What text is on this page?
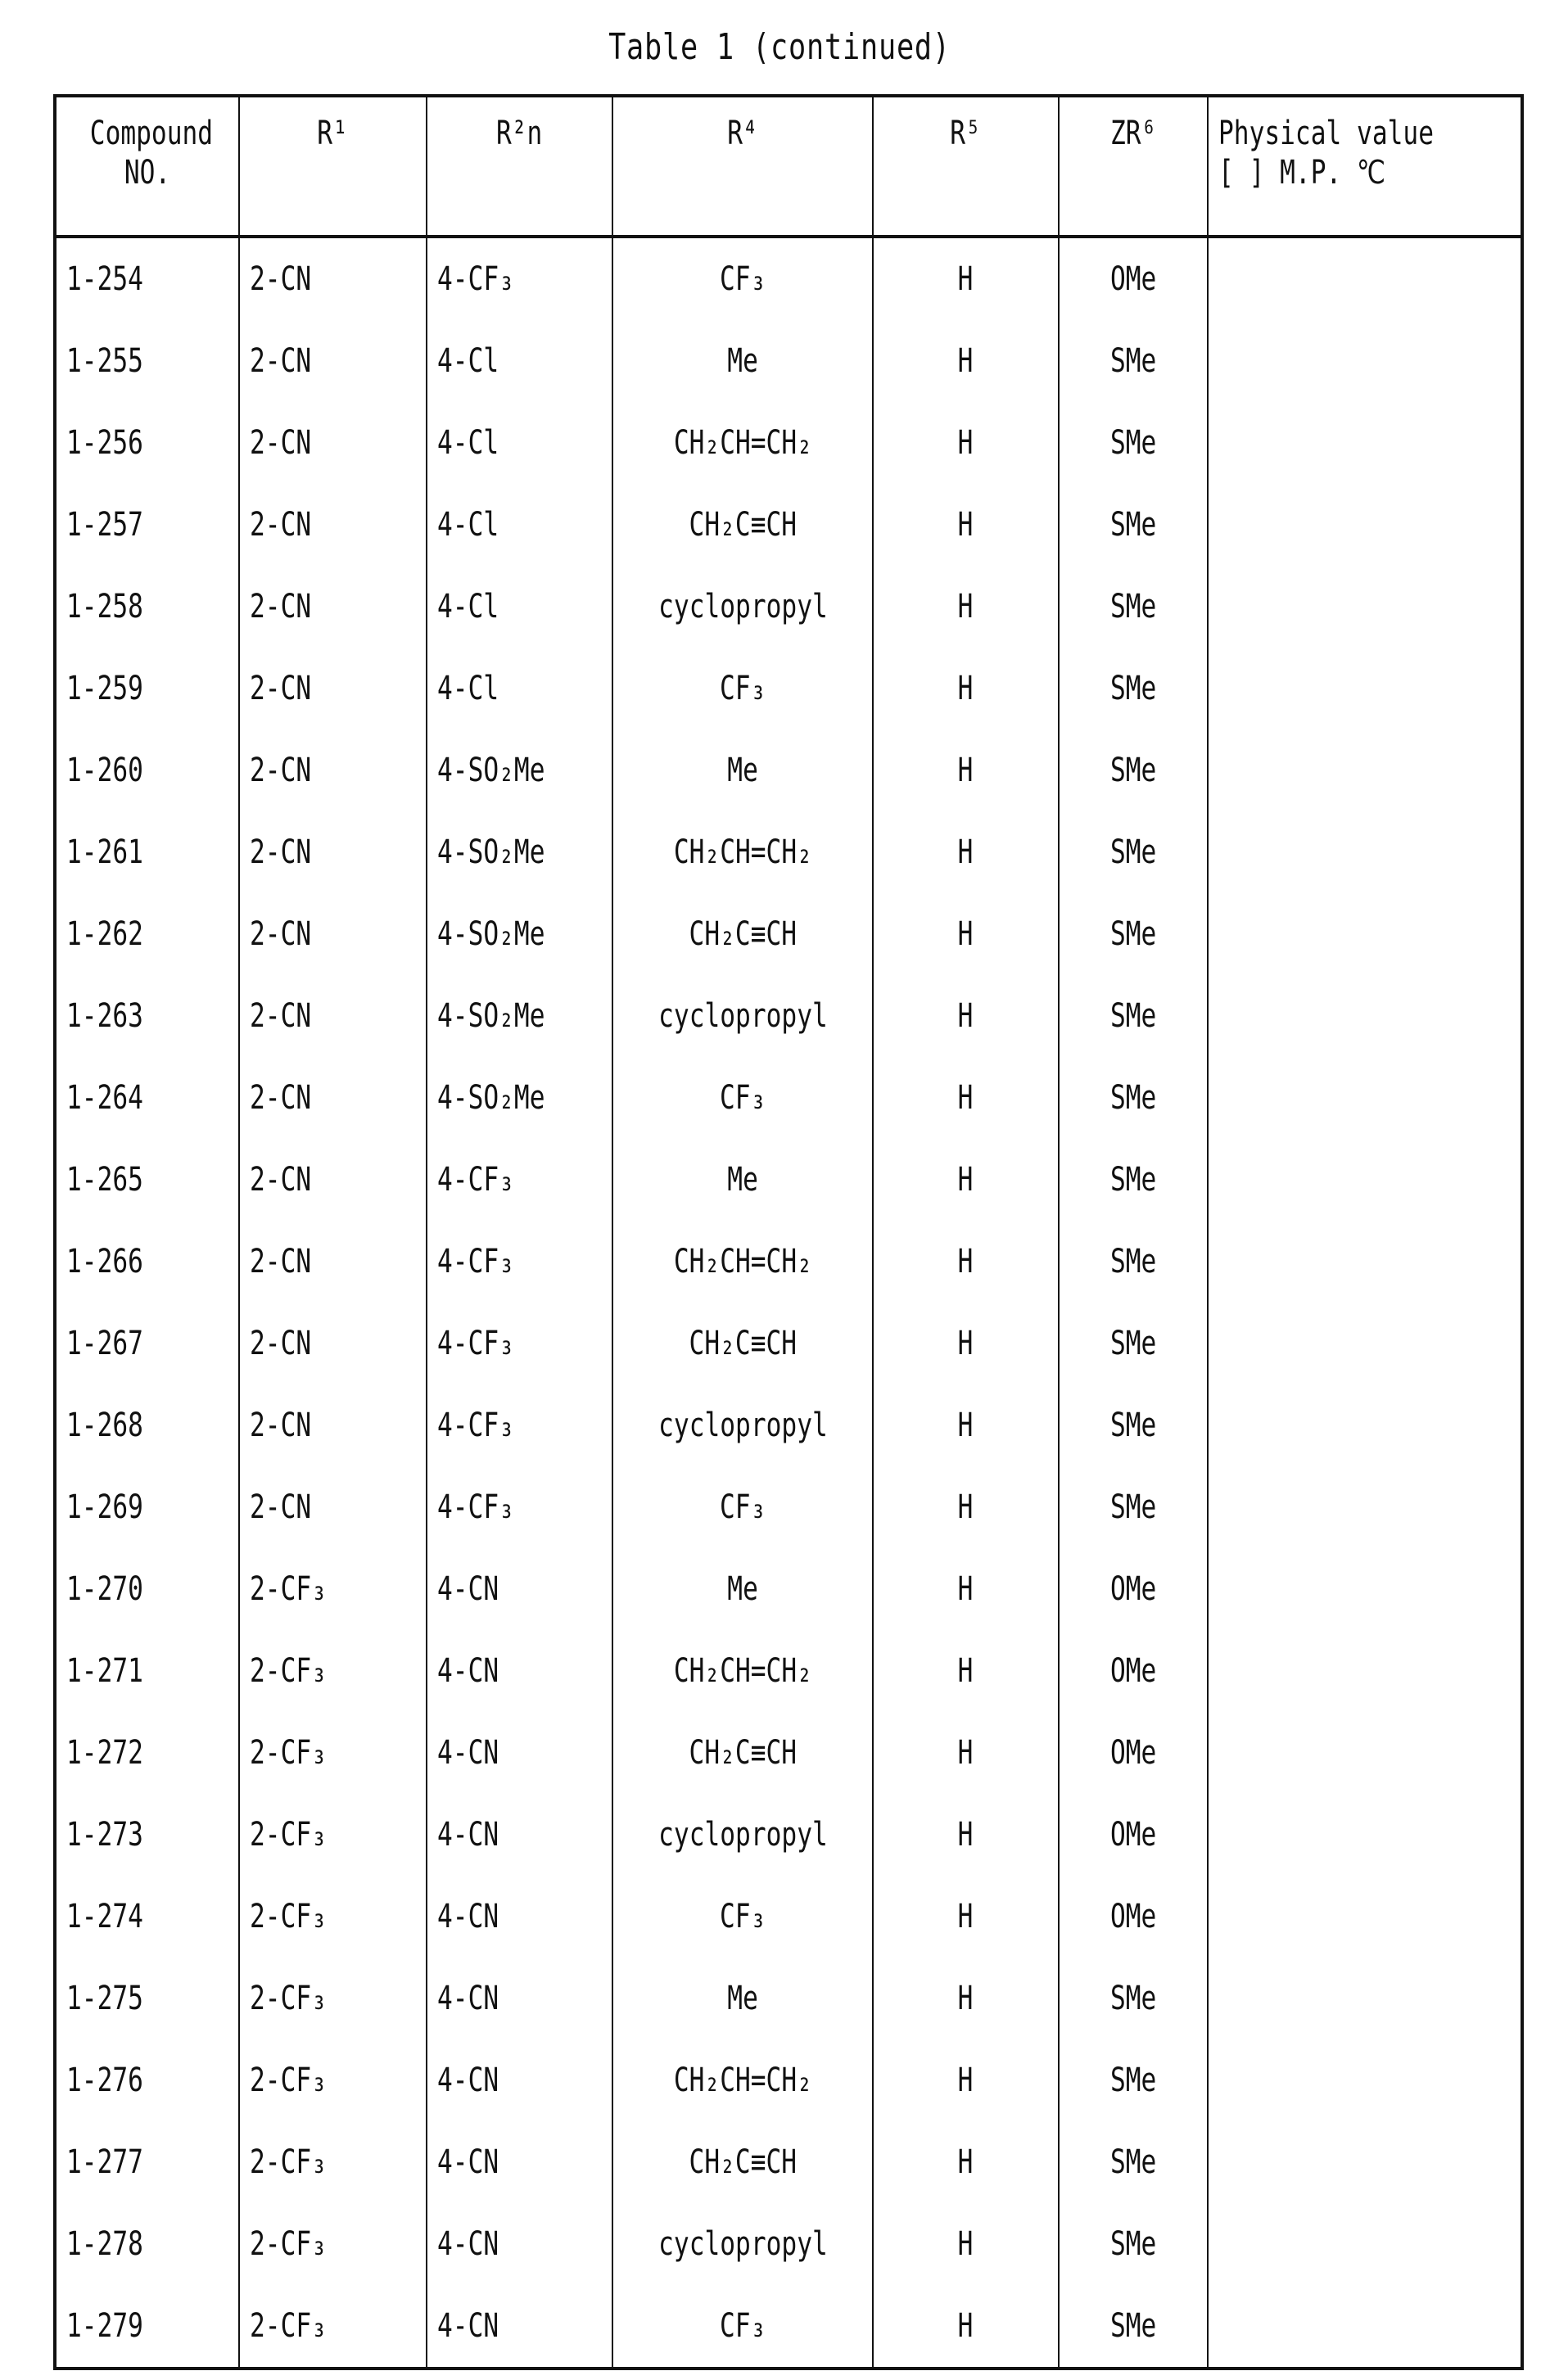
Table 1 (continued)
Compound NO.	R¹	R²n	R⁴	R⁵	ZR⁶	Physical value
[ ] M.P. ℃
1-254	2-CN	4-CF₃	CF₃	H	OMe	
1-255	2-CN	4-Cl	Me	H	SMe	
1-256	2-CN	4-Cl	CH₂CH=CH₂	H	SMe	
1-257	2-CN	4-Cl	CH₂C≡CH	H	SMe	
1-258	2-CN	4-Cl	cyclopropyl	H	SMe	
1-259	2-CN	4-Cl	CF₃	H	SMe	
1-260	2-CN	4-SO₂Me	Me	H	SMe	
1-261	2-CN	4-SO₂Me	CH₂CH=CH₂	H	SMe	
1-262	2-CN	4-SO₂Me	CH₂C≡CH	H	SMe	
1-263	2-CN	4-SO₂Me	cyclopropyl	H	SMe	
1-264	2-CN	4-SO₂Me	CF₃	H	SMe	
1-265	2-CN	4-CF₃	Me	H	SMe	
1-266	2-CN	4-CF₃	CH₂CH=CH₂	H	SMe	
1-267	2-CN	4-CF₃	CH₂C≡CH	H	SMe	
1-268	2-CN	4-CF₃	cyclopropyl	H	SMe	
1-269	2-CN	4-CF₃	CF₃	H	SMe	
1-270	2-CF₃	4-CN	Me	H	OMe	
1-271	2-CF₃	4-CN	CH₂CH=CH₂	H	OMe	
1-272	2-CF₃	4-CN	CH₂C≡CH	H	OMe	
1-273	2-CF₃	4-CN	cyclopropyl	H	OMe	
1-274	2-CF₃	4-CN	CF₃	H	OMe	
1-275	2-CF₃	4-CN	Me	H	SMe	
1-276	2-CF₃	4-CN	CH₂CH=CH₂	H	SMe	
1-277	2-CF₃	4-CN	CH₂C≡CH	H	SMe	
1-278	2-CF₃	4-CN	cyclopropyl	H	SMe	
1-279	2-CF₃	4-CN	CF₃	H	SMe	
